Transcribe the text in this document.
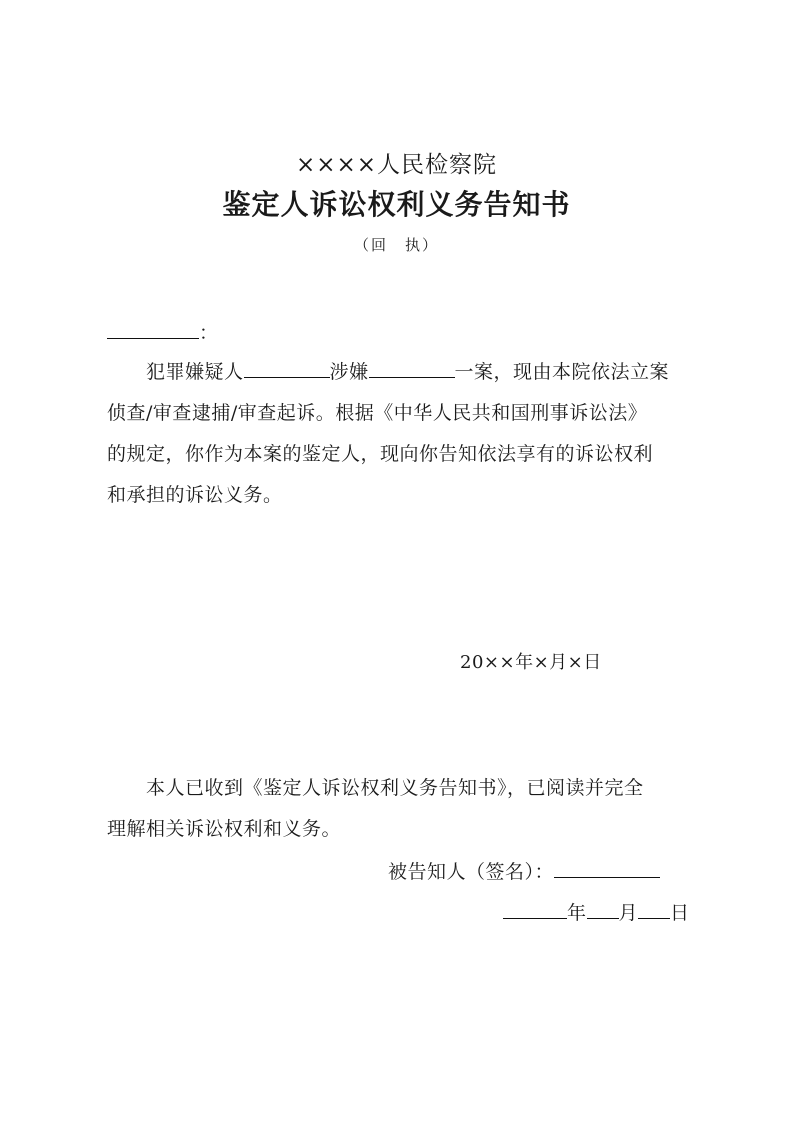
××××人民检察院
鉴定人诉讼权利义务告知书
（回　执）
：
犯罪嫌疑人	涉嫌	一案，现由本院依法立案
侦查/审查逮捕/审查起诉。根据《中华人民共和国刑事诉讼法》
的规定，你作为本案的鉴定人，现向你告知依法享有的诉讼权利
和承担的诉讼义务。
20××年×月×日
本人已收到《鉴定人诉讼权利义务告知书》，已阅读并完全
理解相关诉讼权利和义务。
被告知人（签名）：
年 月 日
